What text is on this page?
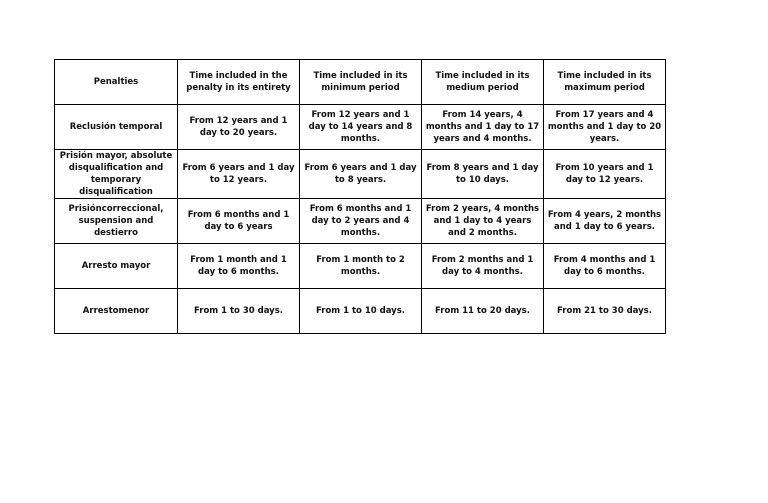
Penalties	Time included in the penalty in its entirety	Time included in its minimum period	Time included in its medium period	Time included in its maximum period
Reclusión temporal	From 12 years and 1 day to 20 years.	From 12 years and 1 day to 14 years and 8 months.	From 14 years, 4 months and 1 day to 17 years and 4 months.	From 17 years and 4 months and 1 day to 20 years.
Prisión mayor, absolute disqualification and temporary disqualification	From 6 years and 1 day to 12 years.	From 6 years and 1 day to 8 years.	From 8 years and 1 day to 10 days.	From 10 years and 1 day to 12 years.
Prisióncorreccional, suspension and destierro	From 6 months and 1 day to 6 years	From 6 months and 1 day to 2 years and 4 months.	From 2 years, 4 months and 1 day to 4 years and 2 months.	From 4 years, 2 months and 1 day to 6 years.
Arresto mayor	From 1 month and 1 day to 6 months.	From 1 month to 2 months.	From 2 months and 1 day to 4 months.	From 4 months and 1 day to 6 months.
Arrestomenor	From 1 to 30 days.	From 1 to 10 days.	From 11 to 20 days.	From 21 to 30 days.
